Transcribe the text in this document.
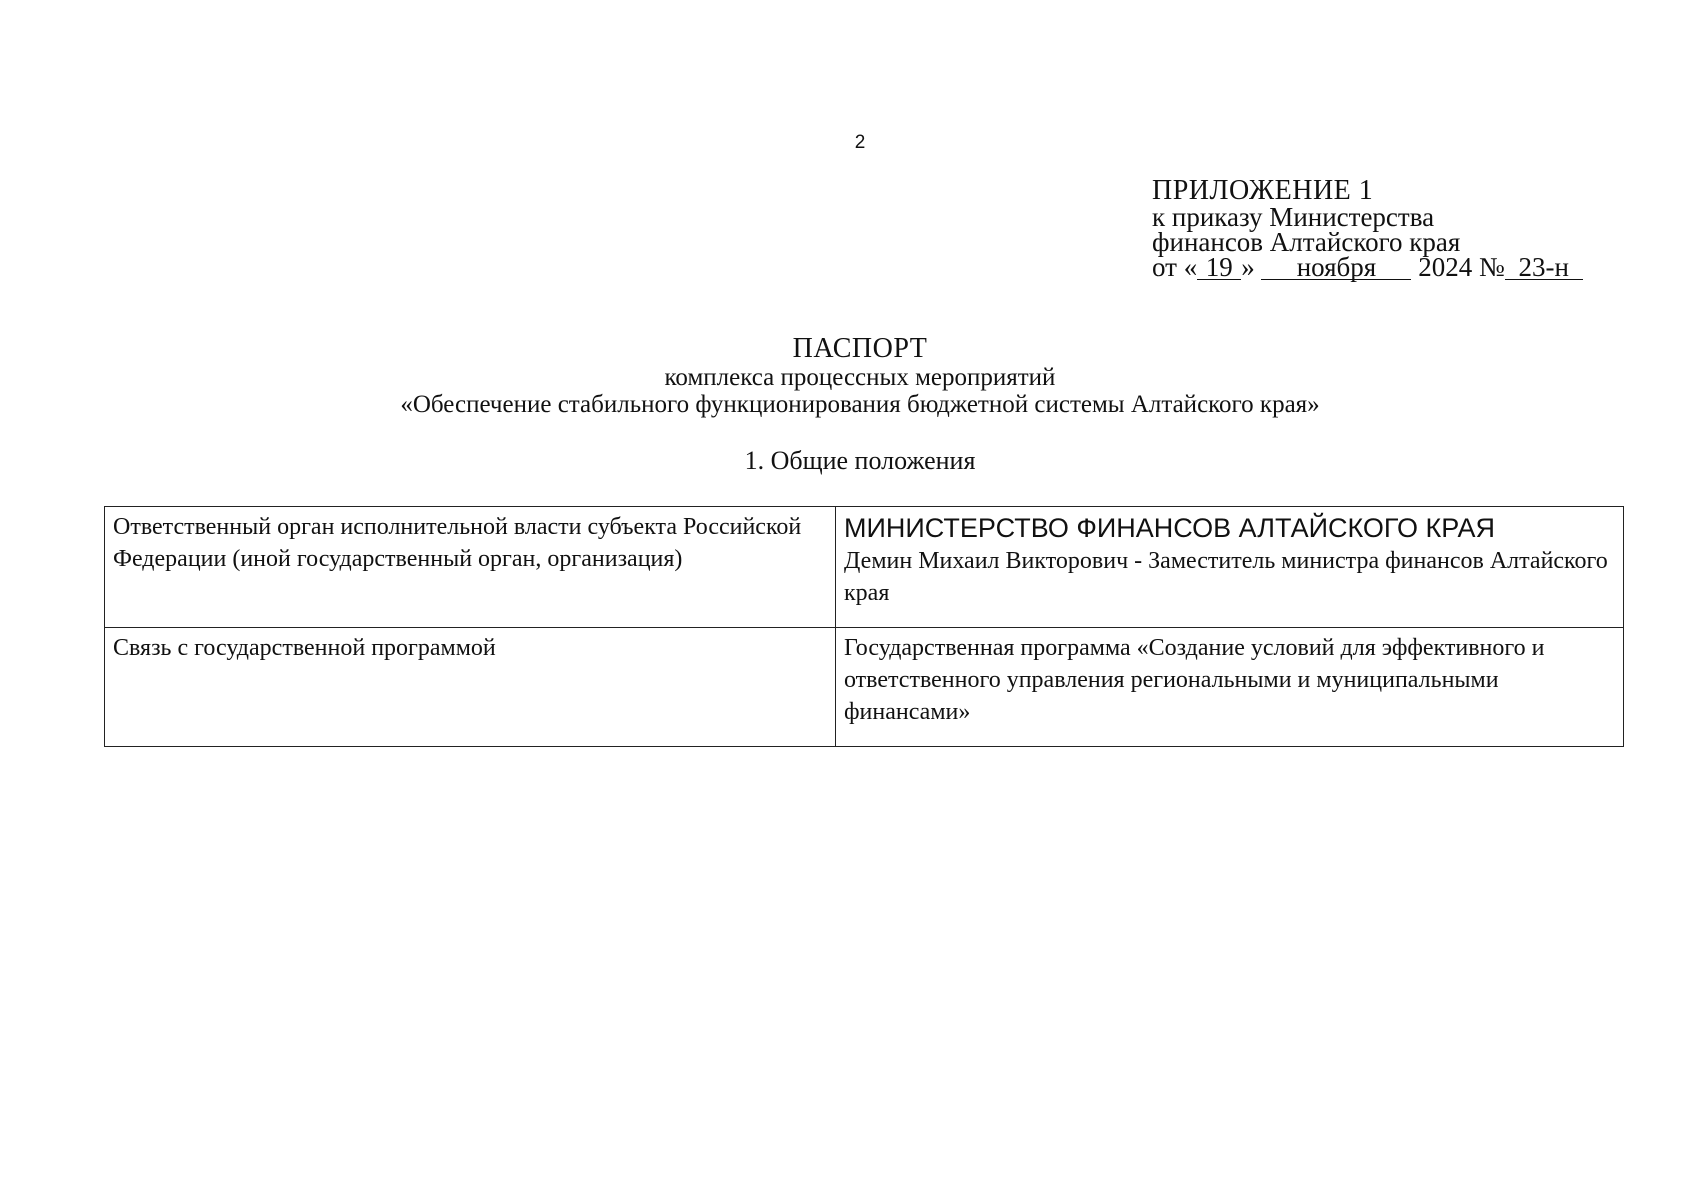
2
ПРИЛОЖЕНИЕ 1
к приказу Министерства
финансов Алтайского края
от « 19 » ноября 2024 № 23-н
ПАСПОРТ
комплекса процессных мероприятий
«Обеспечение стабильного функционирования бюджетной системы Алтайского края»
1. Общие положения
Ответственный орган исполнительной власти субъекта Российской Федерации (иной государственный орган, организация)	МИНИСТЕРСТВО ФИНАНСОВ АЛТАЙСКОГО КРАЯ
Демин Михаил Викторович - Заместитель министра финансов Алтайского края

Связь с государственной программой	Государственная программа «Создание условий для эффективного и ответственного управления региональными и муниципальными финансами»
